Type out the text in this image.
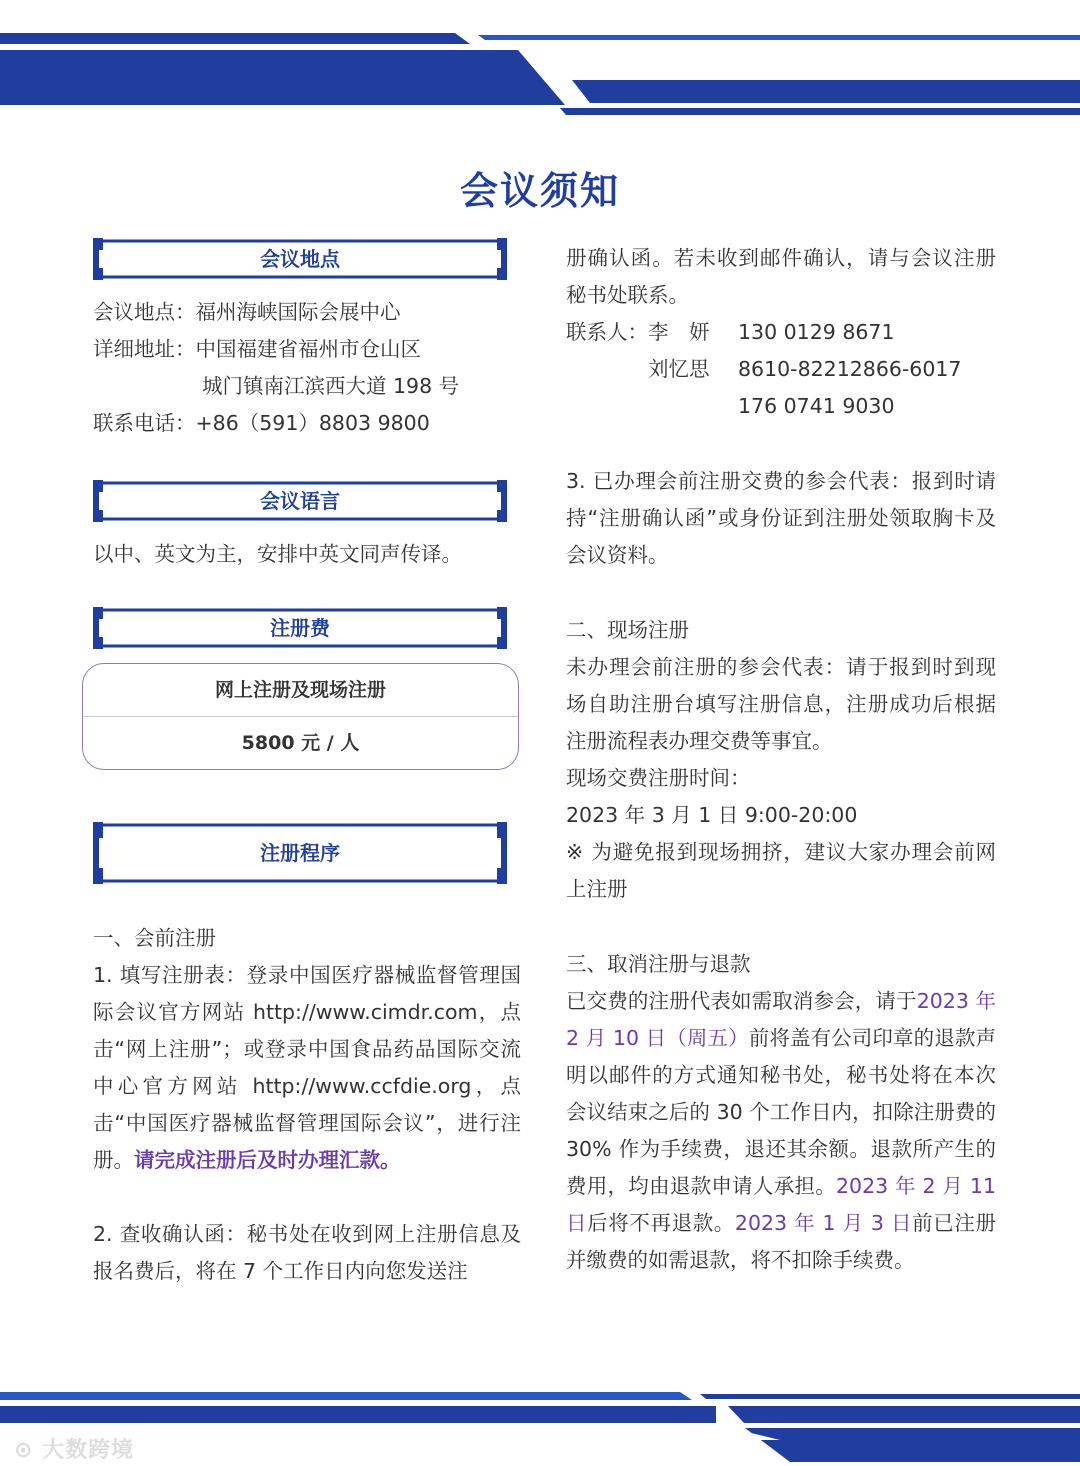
会议须知
会议地点
会议地点： 福州海峡国际会展中心
详细地址： 中国福建省福州市仓山区
城门镇南江滨西大道 198 号
联系电话： +86（591）8803 9800
会议语言
以中、英文为主，安排中英文同声传译。
注册费
网上注册及现场注册
5800 元 / 人
注册程序
一、会前注册
1. 填写注册表：登录中国医疗器械监督管理国际会议官方网站 http://www.cimdr.com，点击“网上注册”；或登录中国食品药品国际交流中心官方网站 http://www.ccfdie.org，点击“中国医疗器械监督管理国际会议”，进行注册。请完成注册后及时办理汇款。
2. 查收确认函：秘书处在收到网上注册信息及报名费后，将在 7 个工作日内向您发送注
册确认函。若未收到邮件确认，请与会议注册秘书处联系。
联系人：李　妍 130 0129 8671
刘忆思 8610-82212866-6017
176 0741 9030
3. 已办理会前注册交费的参会代表：报到时请持“注册确认函”或身份证到注册处领取胸卡及会议资料。
二、现场注册
未办理会前注册的参会代表：请于报到时到现场自助注册台填写注册信息，注册成功后根据注册流程表办理交费等事宜。
现场交费注册时间：
2023 年 3 月 1 日 9:00-20:00
※ 为避免报到现场拥挤，建议大家办理会前网上注册
三、取消注册与退款
已交费的注册代表如需取消参会，请于2023 年 2 月 10 日（周五）前将盖有公司印章的退款声明以邮件的方式通知秘书处，秘书处将在本次会议结束之后的 30 个工作日内，扣除注册费的 30% 作为手续费，退还其余额。退款所产生的费用，均由退款申请人承担。2023 年 2 月 11 日后将不再退款。2023 年 1 月 3 日前已注册并缴费的如需退款，将不扣除手续费。
⊙ 大数跨境
